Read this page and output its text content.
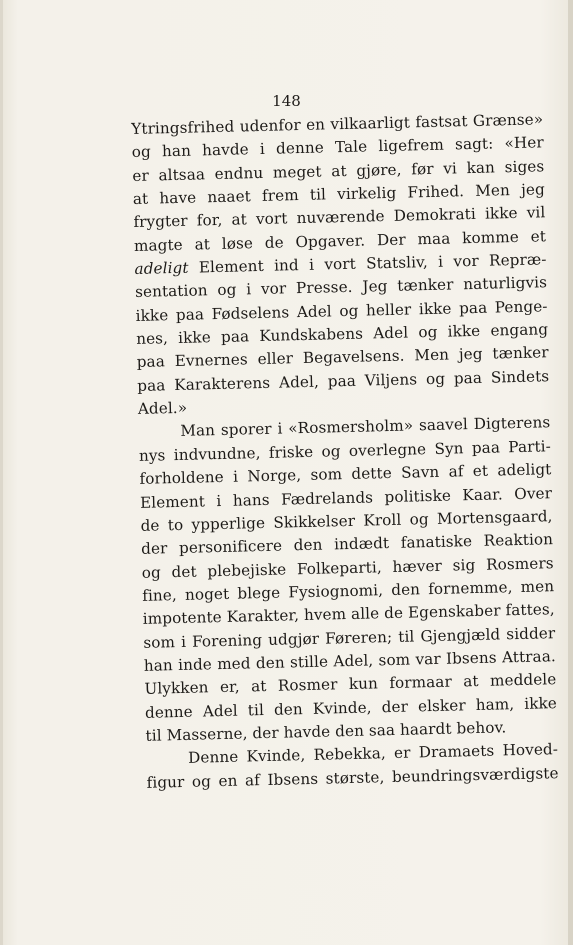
148
Ytringsfrihed udenfor en vilkaarligt fastsat Grænse»
og han havde i denne Tale ligefrem sagt: «Her
er altsaa endnu meget at gjøre, før vi kan siges
at have naaet frem til virkelig Frihed. Men jeg
frygter for, at vort nuværende Demokrati ikke vil
magte at løse de Opgaver. Der maa komme et
adeligt Element ind i vort Statsliv, i vor Repræ-
sentation og i vor Presse. Jeg tænker naturligvis
ikke paa Fødselens Adel og heller ikke paa Penge-
nes, ikke paa Kundskabens Adel og ikke engang
paa Evnernes eller Begavelsens. Men jeg tænker
paa Karakterens Adel, paa Viljens og paa Sindets
Adel.»
Man sporer i «Rosmersholm» saavel Digterens
nys indvundne, friske og overlegne Syn paa Parti-
forholdene i Norge, som dette Savn af et adeligt
Element i hans Fædrelands politiske Kaar. Over
de to ypperlige Skikkelser Kroll og Mortensgaard,
der personificere den indædt fanatiske Reaktion
og det plebejiske Folkeparti, hæver sig Rosmers
fine, noget blege Fysiognomi, den fornemme, men
impotente Karakter, hvem alle de Egenskaber fattes,
som i Forening udgjør Føreren; til Gjengjæld sidder
han inde med den stille Adel, som var Ibsens Attraa.
Ulykken er, at Rosmer kun formaar at meddele
denne Adel til den Kvinde, der elsker ham, ikke
til Masserne, der havde den saa haardt behov.
Denne Kvinde, Rebekka, er Dramaets Hoved-
figur og en af Ibsens største, beundringsværdigste
